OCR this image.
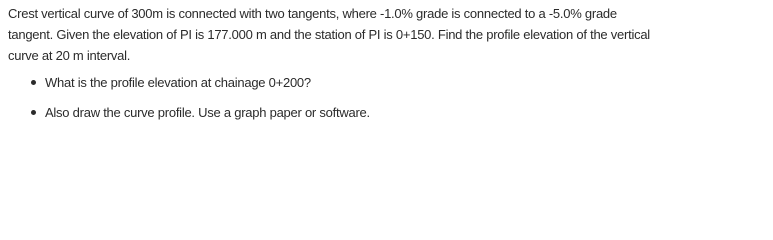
Crest vertical curve of 300m is connected with two tangents, where -1.0% grade is connected to a -5.0% grade
tangent. Given the elevation of PI is 177.000 m and the station of PI is 0+150. Find the profile elevation of the vertical
curve at 20 m interval.

What is the profile elevation at chainage 0+200?
Also draw the curve profile. Use a graph paper or software.
